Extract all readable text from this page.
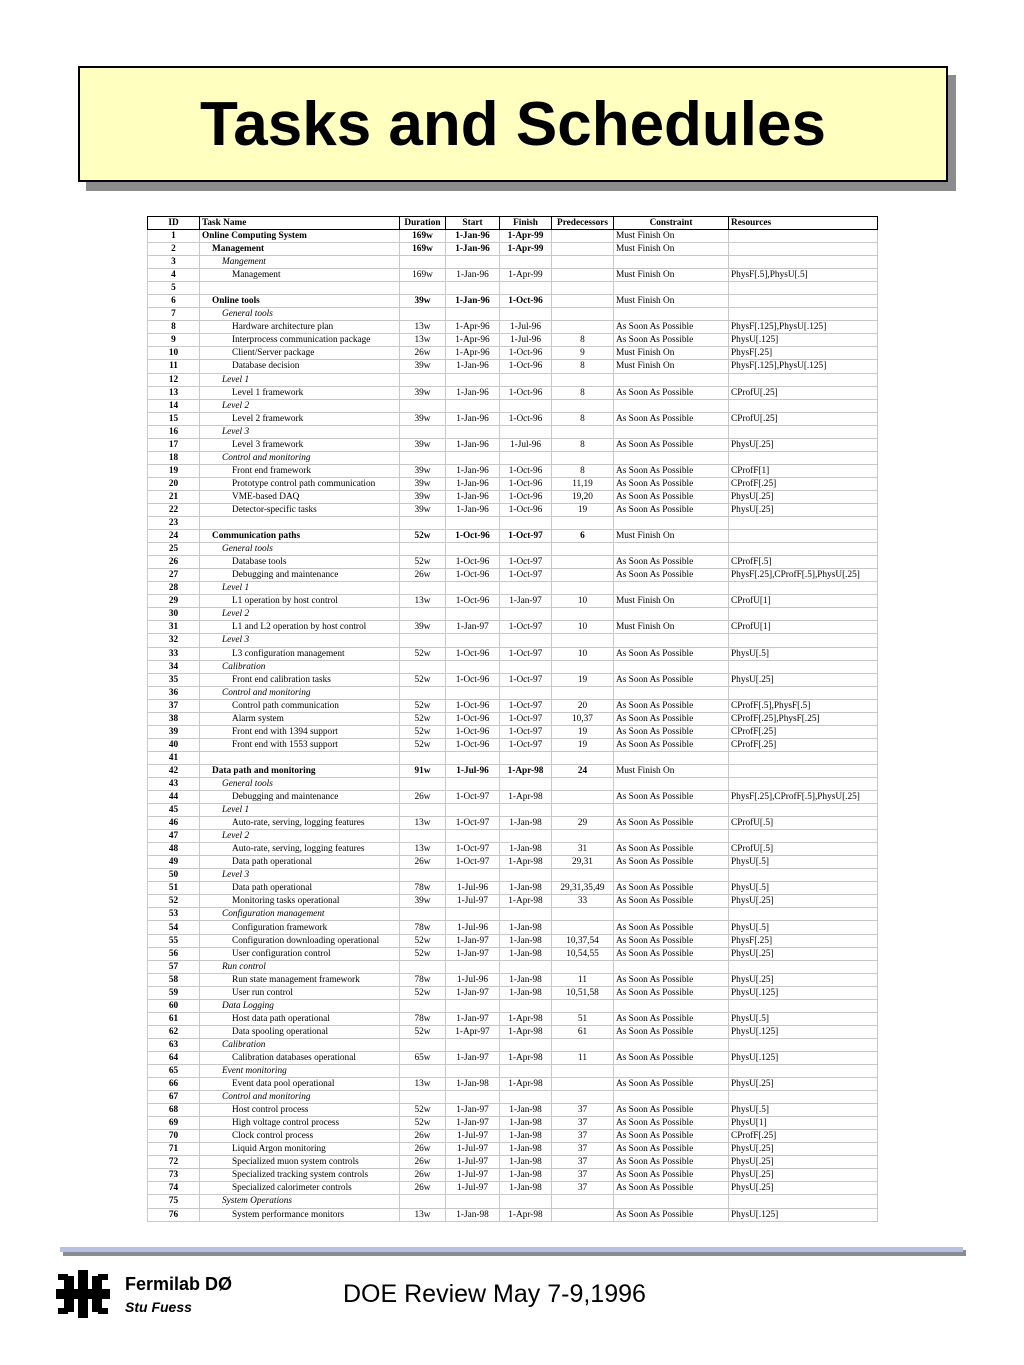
Tasks and Schedules
ID	Task Name	Duration	Start	Finish	Predecessors	Constraint	Resources
1	Online Computing System	169w	1-Jan-96	1-Apr-99		Must Finish On	
2	Management	169w	1-Jan-96	1-Apr-99		Must Finish On	
3	Mangement						
4	Management	169w	1-Jan-96	1-Apr-99		Must Finish On	PhysF[.5],PhysU[.5]
5							
6	Online tools	39w	1-Jan-96	1-Oct-96		Must Finish On	
7	General tools						
8	Hardware architecture plan	13w	1-Apr-96	1-Jul-96		As Soon As Possible	PhysF[.125],PhysU[.125]
9	Interprocess communication package	13w	1-Apr-96	1-Jul-96	8	As Soon As Possible	PhysU[.125]
10	Client/Server package	26w	1-Apr-96	1-Oct-96	9	Must Finish On	PhysF[.25]
11	Database decision	39w	1-Jan-96	1-Oct-96	8	Must Finish On	PhysF[.125],PhysU[.125]
12	Level 1						
13	Level 1 framework	39w	1-Jan-96	1-Oct-96	8	As Soon As Possible	CProfU[.25]
14	Level 2						
15	Level 2 framework	39w	1-Jan-96	1-Oct-96	8	As Soon As Possible	CProfU[.25]
16	Level 3						
17	Level 3 framework	39w	1-Jan-96	1-Jul-96	8	As Soon As Possible	PhysU[.25]
18	Control and monitoring						
19	Front end framework	39w	1-Jan-96	1-Oct-96	8	As Soon As Possible	CProfF[1]
20	Prototype control path communication	39w	1-Jan-96	1-Oct-96	11,19	As Soon As Possible	CProfF[.25]
21	VME-based DAQ	39w	1-Jan-96	1-Oct-96	19,20	As Soon As Possible	PhysU[.25]
22	Detector-specific tasks	39w	1-Jan-96	1-Oct-96	19	As Soon As Possible	PhysU[.25]
23							
24	Communication paths	52w	1-Oct-96	1-Oct-97	6	Must Finish On	
25	General tools						
26	Database tools	52w	1-Oct-96	1-Oct-97		As Soon As Possible	CProfF[.5]
27	Debugging and maintenance	26w	1-Oct-96	1-Oct-97		As Soon As Possible	PhysF[.25],CProfF[.5],PhysU[.25]
28	Level 1						
29	L1 operation by host control	13w	1-Oct-96	1-Jan-97	10	Must Finish On	CProfU[1]
30	Level 2						
31	L1 and L2 operation by host control	39w	1-Jan-97	1-Oct-97	10	Must Finish On	CProfU[1]
32	Level 3						
33	L3 configuration management	52w	1-Oct-96	1-Oct-97	10	As Soon As Possible	PhysU[.5]
34	Calibration						
35	Front end calibration tasks	52w	1-Oct-96	1-Oct-97	19	As Soon As Possible	PhysU[.25]
36	Control and monitoring						
37	Control path communication	52w	1-Oct-96	1-Oct-97	20	As Soon As Possible	CProfF[.5],PhysF[.5]
38	Alarm system	52w	1-Oct-96	1-Oct-97	10,37	As Soon As Possible	CProfF[.25],PhysF[.25]
39	Front end with 1394 support	52w	1-Oct-96	1-Oct-97	19	As Soon As Possible	CProfF[.25]
40	Front end with 1553 support	52w	1-Oct-96	1-Oct-97	19	As Soon As Possible	CProfF[.25]
41							
42	Data path and monitoring	91w	1-Jul-96	1-Apr-98	24	Must Finish On	
43	General tools						
44	Debugging and maintenance	26w	1-Oct-97	1-Apr-98		As Soon As Possible	PhysF[.25],CProfF[.5],PhysU[.25]
45	Level 1						
46	Auto-rate, serving, logging features	13w	1-Oct-97	1-Jan-98	29	As Soon As Possible	CProfU[.5]
47	Level 2						
48	Auto-rate, serving, logging features	13w	1-Oct-97	1-Jan-98	31	As Soon As Possible	CProfU[.5]
49	Data path operational	26w	1-Oct-97	1-Apr-98	29,31	As Soon As Possible	PhysU[.5]
50	Level 3						
51	Data path operational	78w	1-Jul-96	1-Jan-98	29,31,35,49	As Soon As Possible	PhysU[.5]
52	Monitoring tasks operational	39w	1-Jul-97	1-Apr-98	33	As Soon As Possible	PhysU[.25]
53	Configuration management						
54	Configuration framework	78w	1-Jul-96	1-Jan-98		As Soon As Possible	PhysU[.5]
55	Configuration downloading operational	52w	1-Jan-97	1-Jan-98	10,37,54	As Soon As Possible	PhysF[.25]
56	User configuration control	52w	1-Jan-97	1-Jan-98	10,54,55	As Soon As Possible	PhysU[.25]
57	Run control						
58	Run state management framework	78w	1-Jul-96	1-Jan-98	11	As Soon As Possible	PhysU[.25]
59	User run control	52w	1-Jan-97	1-Jan-98	10,51,58	As Soon As Possible	PhysU[.125]
60	Data Logging						
61	Host data path operational	78w	1-Jan-97	1-Apr-98	51	As Soon As Possible	PhysU[.5]
62	Data spooling operational	52w	1-Apr-97	1-Apr-98	61	As Soon As Possible	PhysU[.125]
63	Calibration						
64	Calibration databases operational	65w	1-Jan-97	1-Apr-98	11	As Soon As Possible	PhysU[.125]
65	Event monitoring						
66	Event data pool operational	13w	1-Jan-98	1-Apr-98		As Soon As Possible	PhysU[.25]
67	Control and monitoring						
68	Host control process	52w	1-Jan-97	1-Jan-98	37	As Soon As Possible	PhysU[.5]
69	High voltage control process	52w	1-Jan-97	1-Jan-98	37	As Soon As Possible	PhysU[1]
70	Clock control process	26w	1-Jul-97	1-Jan-98	37	As Soon As Possible	CProfF[.25]
71	Liquid Argon monitoring	26w	1-Jul-97	1-Jan-98	37	As Soon As Possible	PhysU[.25]
72	Specialized muon system controls	26w	1-Jul-97	1-Jan-98	37	As Soon As Possible	PhysU[.25]
73	Specialized tracking system controls	26w	1-Jul-97	1-Jan-98	37	As Soon As Possible	PhysU[.25]
74	Specialized calorimeter controls	26w	1-Jul-97	1-Jan-98	37	As Soon As Possible	PhysU[.25]
75	System Operations						
76	System performance monitors	13w	1-Jan-98	1-Apr-98		As Soon As Possible	PhysU[.125]
Fermilab DØ
Stu Fuess	DOE Review May 7-9,1996
